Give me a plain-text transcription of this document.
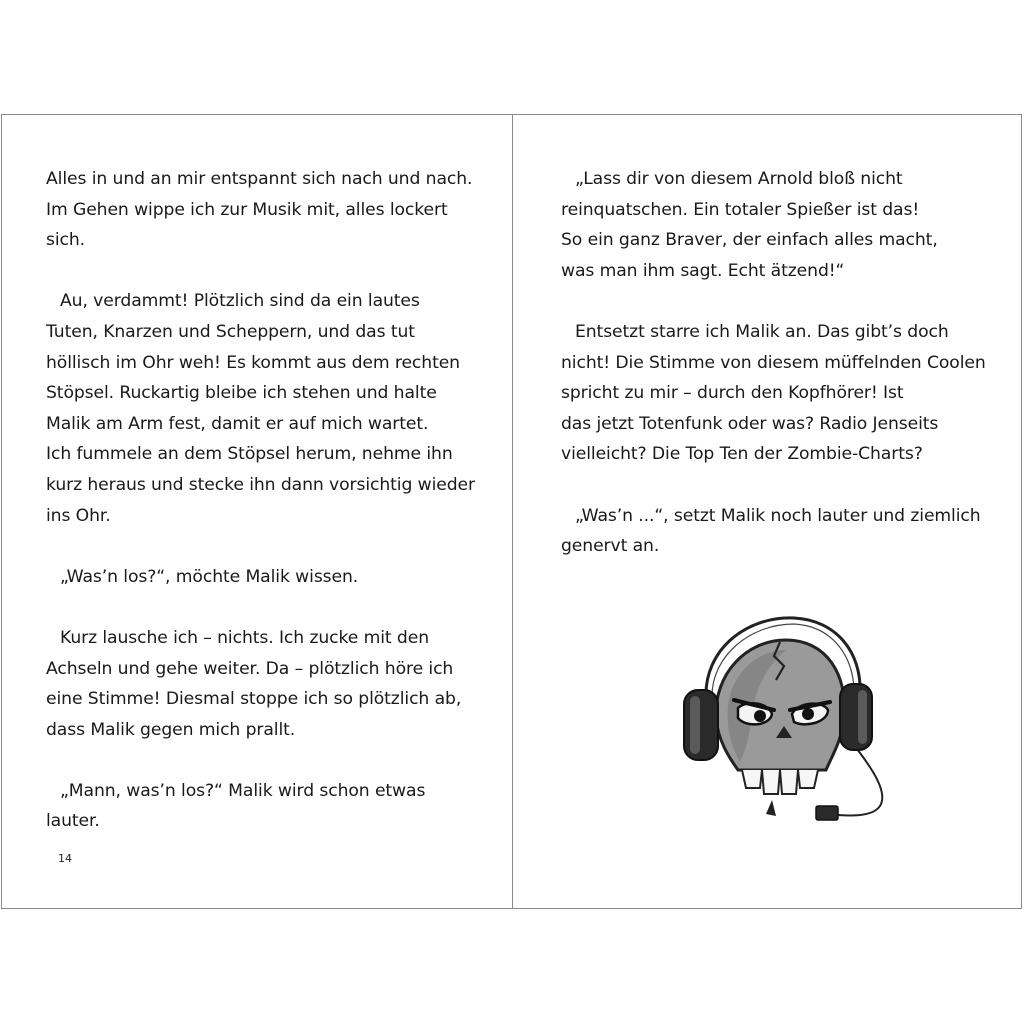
Alles in und an mir entspannt sich nach und nach.
Im Gehen wippe ich zur Musik mit, alles lockert
sich.

Au, verdammt! Plötzlich sind da ein lautes
Tuten, Knarzen und Scheppern, und das tut
höllisch im Ohr weh! Es kommt aus dem rechten
Stöpsel. Ruckartig bleibe ich stehen und halte
Malik am Arm fest, damit er auf mich wartet.
Ich fummele an dem Stöpsel herum, nehme ihn
kurz heraus und stecke ihn dann vorsichtig wieder
ins Ohr.

„Was’n los?“, möchte Malik wissen.

Kurz lausche ich – nichts. Ich zucke mit den
Achseln und gehe weiter. Da – plötzlich höre ich
eine Stimme! Diesmal stoppe ich so plötzlich ab,
dass Malik gegen mich prallt.

„Mann, was’n los?“ Malik wird schon etwas
lauter.

14

„Lass dir von diesem Arnold bloß nicht
reinquatschen. Ein totaler Spießer ist das!
So ein ganz Braver, der einfach alles macht,
was man ihm sagt. Echt ätzend!“

Entsetzt starre ich Malik an. Das gibt’s doch
nicht! Die Stimme von diesem müffelnden Coolen
spricht zu mir – durch den Kopfhörer! Ist
das jetzt Totenfunk oder was? Radio Jenseits
vielleicht? Die Top Ten der Zombie-Charts?

„Was’n ...“, setzt Malik noch lauter und ziemlich
genervt an.
